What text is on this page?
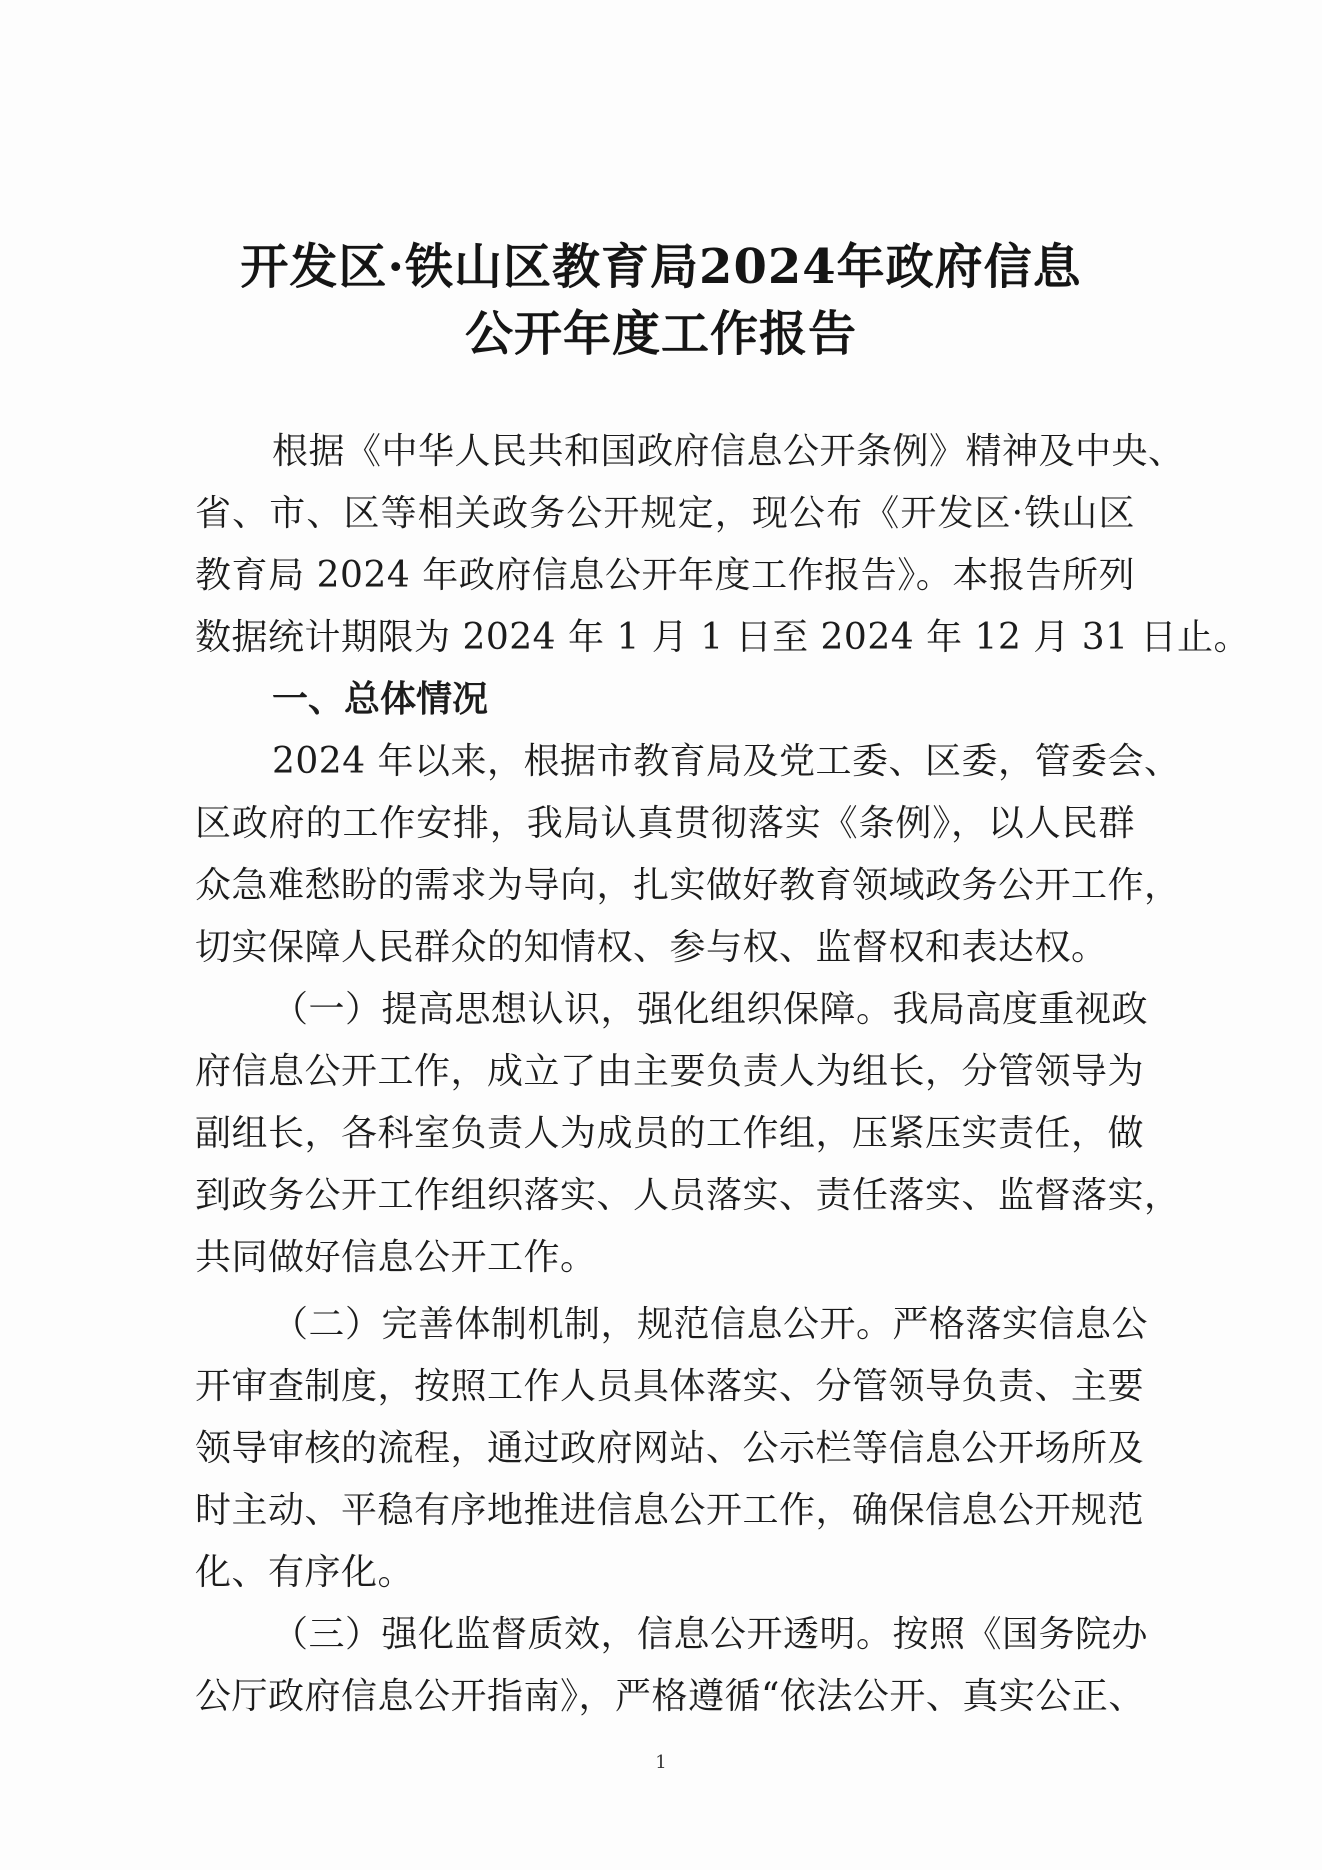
开发区·铁山区教育局2024年政府信息
公开年度工作报告
根据《中华人民共和国政府信息公开条例》精神及中央、
省、市、区等相关政务公开规定，现公布《开发区·铁山区
教育局 2024 年政府信息公开年度工作报告》。本报告所列
数据统计期限为 2024 年 1 月 1 日至 2024 年 12 月 31 日止。
一、总体情况
2024 年以来，根据市教育局及党工委、区委，管委会、
区政府的工作安排，我局认真贯彻落实《条例》，以人民群
众急难愁盼的需求为导向，扎实做好教育领域政务公开工作，
切实保障人民群众的知情权、参与权、监督权和表达权。
（一）提高思想认识，强化组织保障。我局高度重视政
府信息公开工作，成立了由主要负责人为组长，分管领导为
副组长，各科室负责人为成员的工作组，压紧压实责任，做
到政务公开工作组织落实、人员落实、责任落实、监督落实，
共同做好信息公开工作。
（二）完善体制机制，规范信息公开。严格落实信息公
开审查制度，按照工作人员具体落实、分管领导负责、主要
领导审核的流程，通过政府网站、公示栏等信息公开场所及
时主动、平稳有序地推进信息公开工作，确保信息公开规范
化、有序化。
（三）强化监督质效，信息公开透明。按照《国务院办
公厅政府信息公开指南》，严格遵循“依法公开、真实公正、
1
